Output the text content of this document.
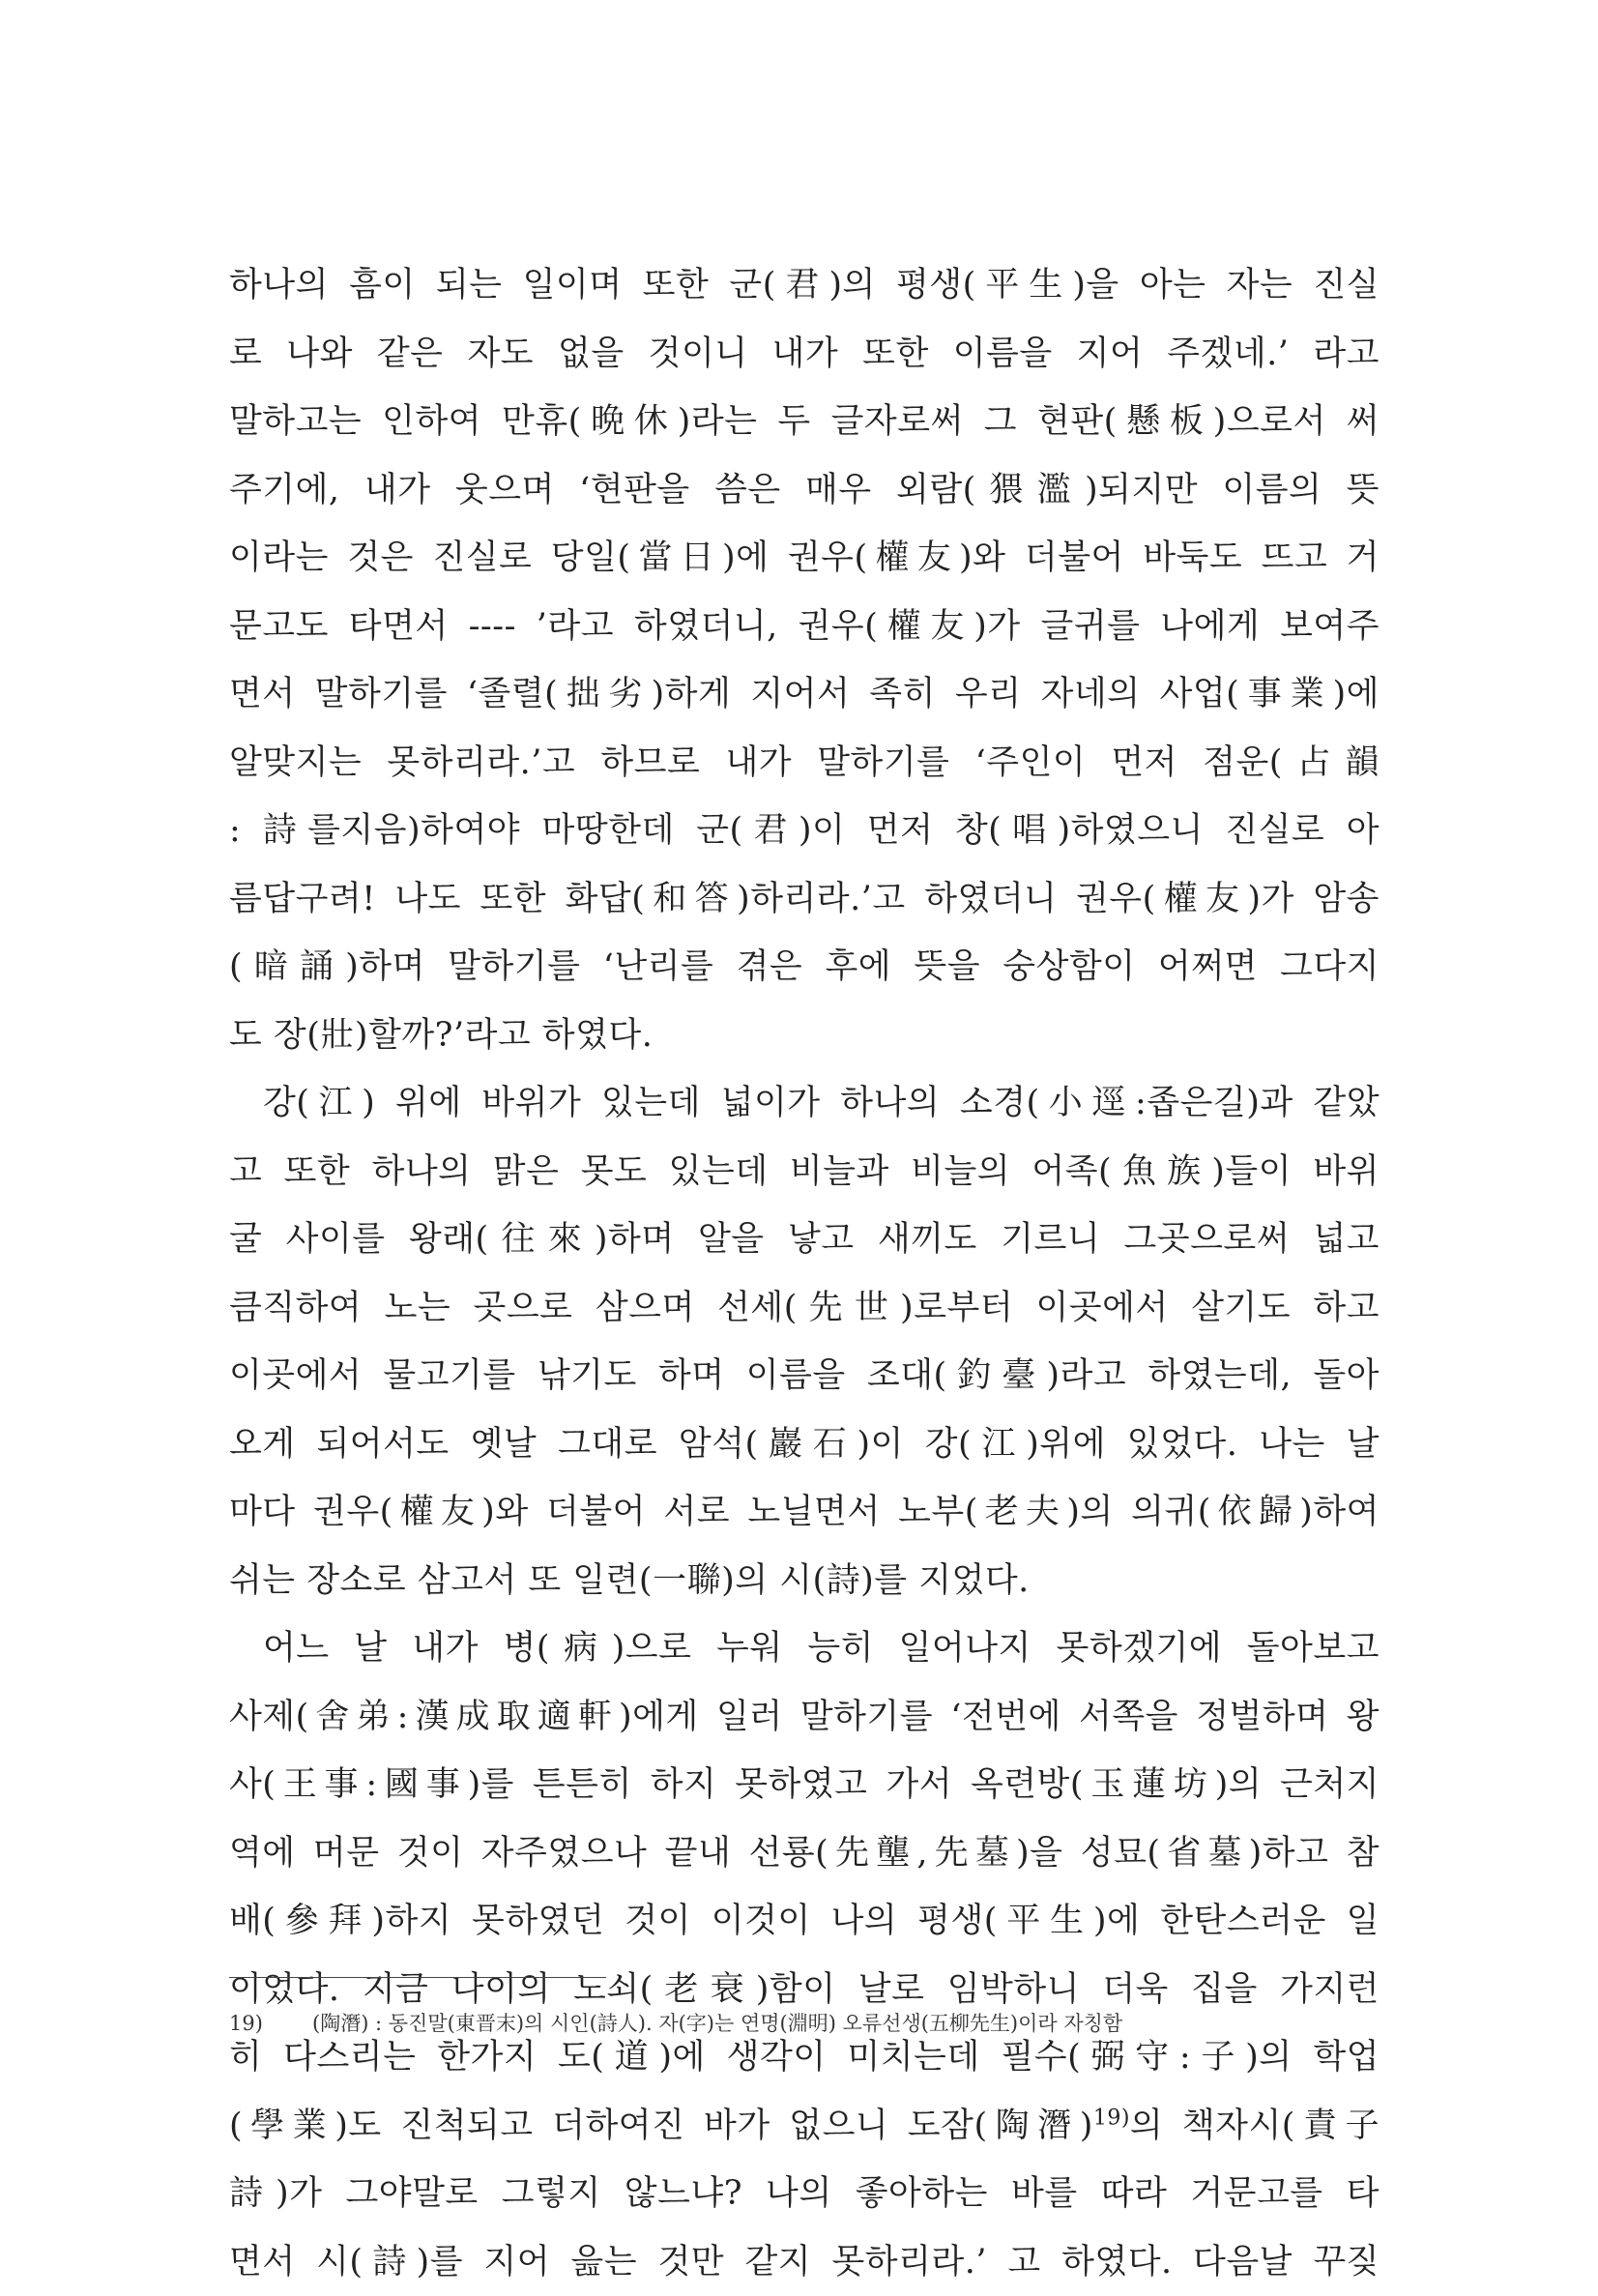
하나의 흠이 되는 일이며 또한 군(君)의 평생(平生)을 아는 자는 진실
로 나와 같은 자도 없을 것이니 내가 또한 이름을 지어 주겠네.’ 라고
말하고는 인하여 만휴(晩休)라는 두 글자로써 그 현판(懸板)으로서 써
주기에, 내가 웃으며 ‘현판을 씀은 매우 외람(猥濫)되지만 이름의 뜻
이라는 것은 진실로 당일(當日)에 권우(權友)와 더불어 바둑도 뜨고 거
문고도 타면서 ---- ’라고 하였더니, 권우(權友)가 글귀를 나에게 보여주
면서 말하기를 ‘졸렬(拙劣)하게 지어서 족히 우리 자네의 사업(事業)에
알맞지는 못하리라.’고 하므로 내가 말하기를 ‘주인이 먼저 점운(占韻
: 詩를지음)하여야 마땅한데 군(君)이 먼저 창(唱)하였으니 진실로 아
름답구려! 나도 또한 화답(和答)하리라.’고 하였더니 권우(權友)가 암송
(暗誦)하며 말하기를 ‘난리를 겪은 후에 뜻을 숭상함이 어쩌면 그다지
도 장(壯)할까?’라고 하였다.

강(江) 위에 바위가 있는데 넓이가 하나의 소경(小逕:좁은길)과 같았
고 또한 하나의 맑은 못도 있는데 비늘과 비늘의 어족(魚族)들이 바위
굴 사이를 왕래(往來)하며 알을 낳고 새끼도 기르니 그곳으로써 넓고
큼직하여 노는 곳으로 삼으며 선세(先世)로부터 이곳에서 살기도 하고
이곳에서 물고기를 낚기도 하며 이름을 조대(釣臺)라고 하였는데, 돌아
오게 되어서도 옛날 그대로 암석(巖石)이 강(江)위에 있었다. 나는 날
마다 권우(權友)와 더불어 서로 노닐면서 노부(老夫)의 의귀(依歸)하여
쉬는 장소로 삼고서 또 일련(一聯)의 시(詩)를 지었다.

어느 날 내가 병(病)으로 누워 능히 일어나지 못하겠기에 돌아보고
사제(舍弟:漢成取適軒)에게 일러 말하기를 ‘전번에 서쪽을 정벌하며 왕
사(王事:國事)를 튼튼히 하지 못하였고 가서 옥련방(玉蓮坊)의 근처지
역에 머문 것이 자주였으나 끝내 선룡(先壟,先墓)을 성묘(省墓)하고 참
배(參拜)하지 못하였던 것이 이것이 나의 평생(平生)에 한탄스러운 일
이었다. 지금 나이의 노쇠(老衰)함이 날로 임박하니 더욱 집을 가지런
히 다스리는 한가지 도(道)에 생각이 미치는데 필수(弼守:子)의 학업
(學業)도 진척되고 더하여진 바가 없으니 도잠(陶潛)$^{19)}$의 책자시(責子
詩)가 그야말로 그렇지 않느냐? 나의 좋아하는 바를 따라 거문고를 타
면서 시(詩)를 지어 읊는 것만 같지 못하리라.’ 고 하였다. 다음날 꾸짖

19) (陶潛) : 동진말(東晋末)의 시인(詩人). 자(字)는 연명(淵明) 오류선생(五柳先生)이라 자칭함
